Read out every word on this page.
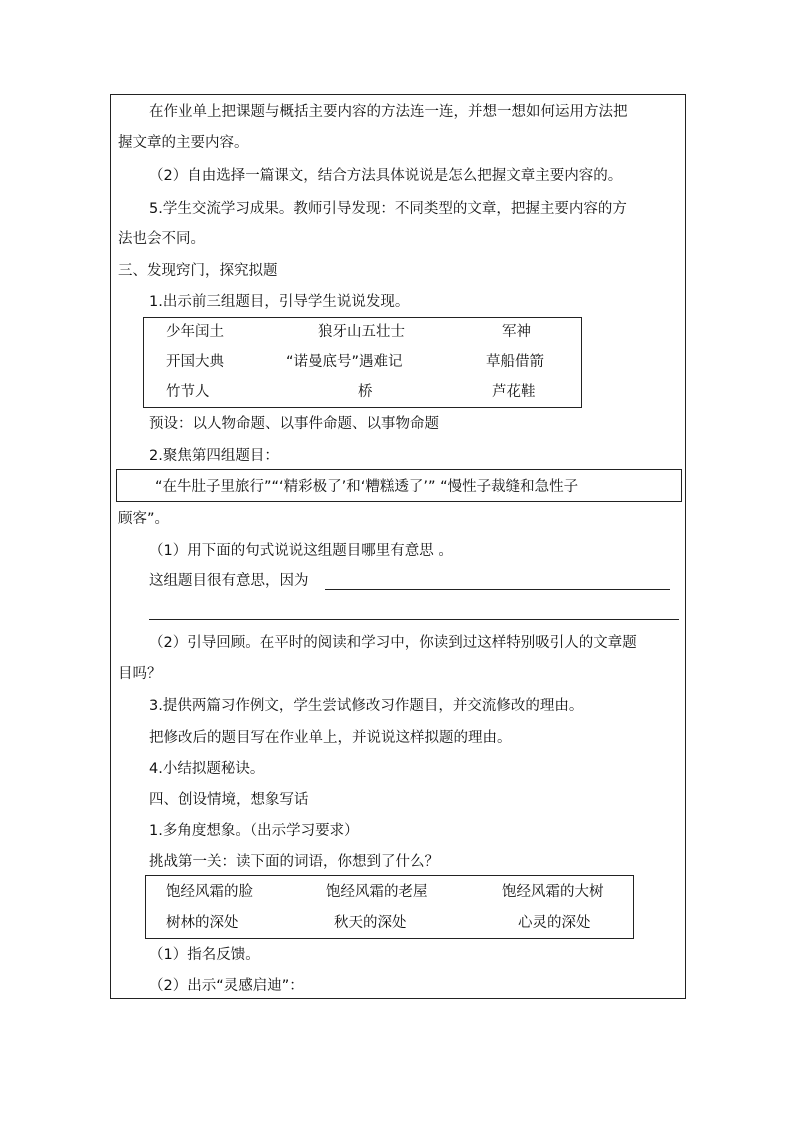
在作业单上把课题与概括主要内容的方法连一连，并想一想如何运用方法把
握文章的主要内容。
（2）自由选择一篇课文，结合方法具体说说是怎么把握文章主要内容的。
5.学生交流学习成果。教师引导发现：不同类型的文章，把握主要内容的方
法也会不同。
三、发现窍门，探究拟题
1.出示前三组题目，引导学生说说发现。
少年闰土	狼牙山五壮士	军神
开国大典	“诺曼底号”遇难记	草船借箭
竹节人	桥	芦花鞋
预设：以人物命题、以事件命题、以事物命题
2.聚焦第四组题目：
“在牛肚子里旅行”“‘精彩极了’和‘糟糕透了’” “慢性子裁缝和急性子
顾客”。
（1）用下面的句式说说这组题目哪里有意思 。
这组题目很有意思，因为
（2）引导回顾。在平时的阅读和学习中，你读到过这样特别吸引人的文章题
目吗？
3.提供两篇习作例文，学生尝试修改习作题目，并交流修改的理由。
把修改后的题目写在作业单上，并说说这样拟题的理由。
4.小结拟题秘诀。
四、创设情境，想象写话
1.多角度想象。（出示学习要求）
挑战第一关：读下面的词语，你想到了什么？
饱经风霜的脸	饱经风霜的老屋	饱经风霜的大树
树林的深处	秋天的深处	心灵的深处
（1）指名反馈。
（2）出示“灵感启迪”：
